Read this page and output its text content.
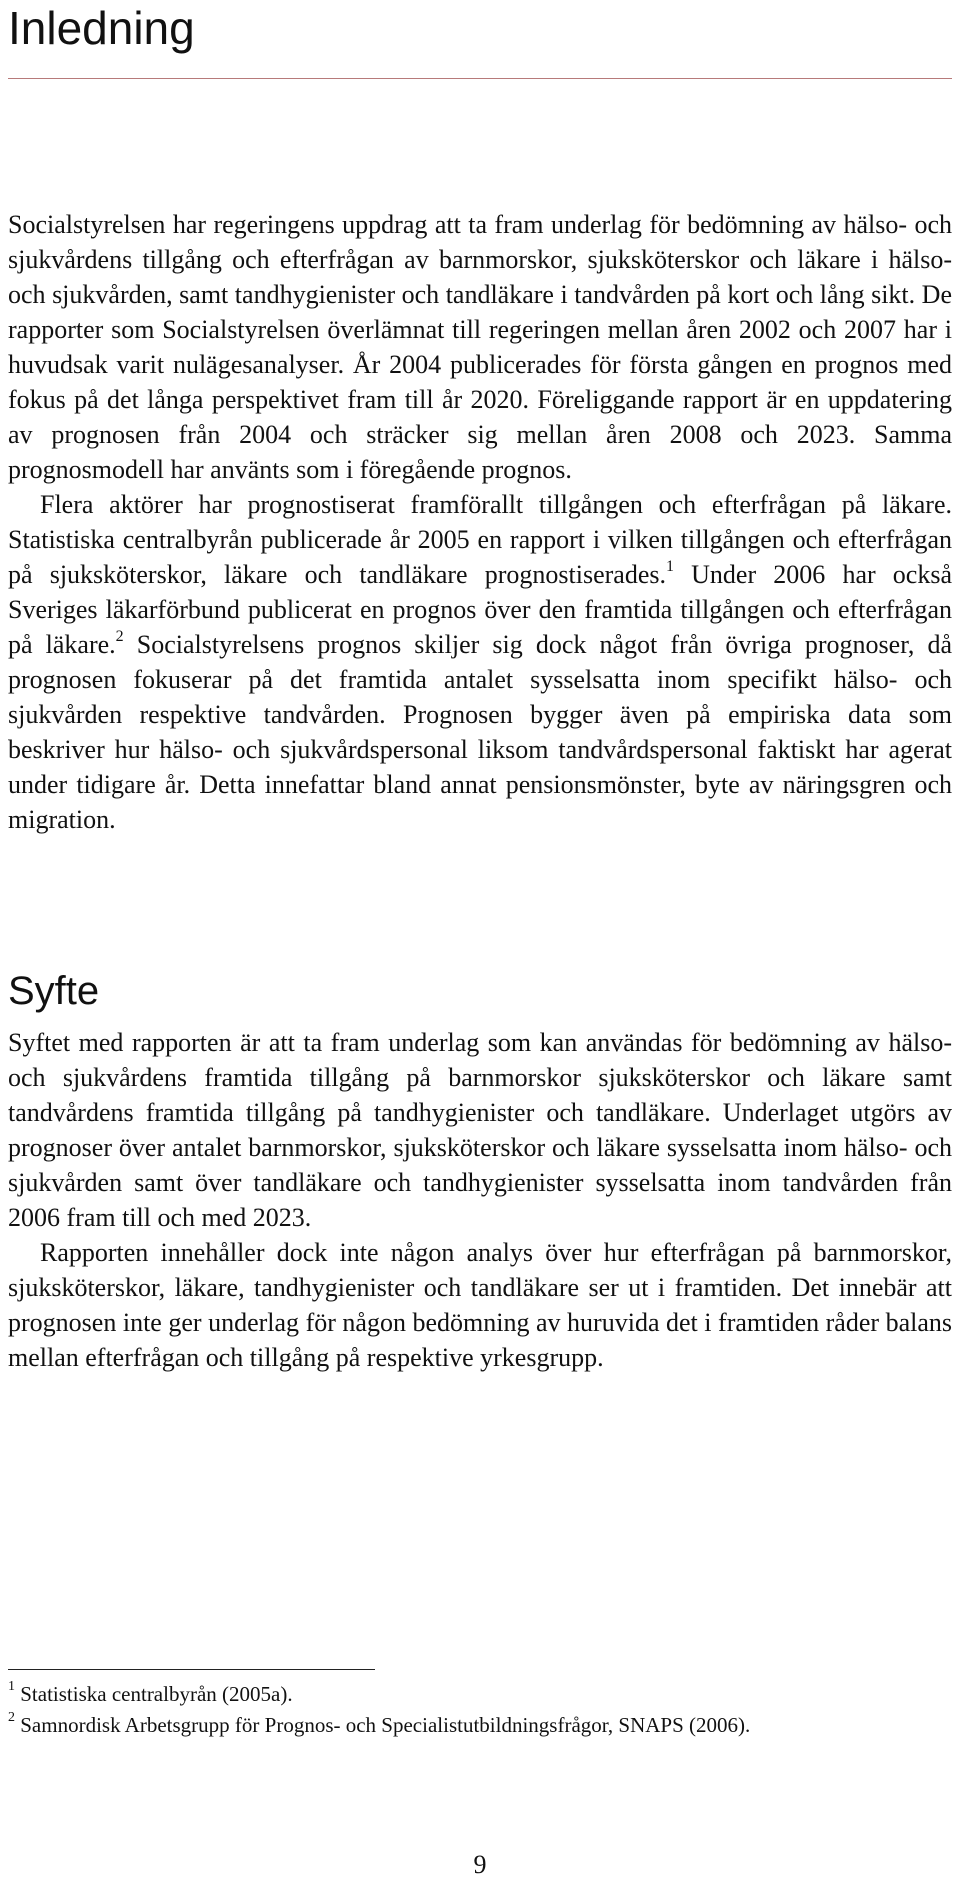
Inledning

Socialstyrelsen har regeringens uppdrag att ta fram underlag för bedömning av hälso- och sjukvårdens tillgång och efterfrågan av barnmorskor, sjuksköterskor och läkare i hälso- och sjukvården, samt tandhygienister och tandläkare i tandvården på kort och lång sikt. De rapporter som Socialstyrelsen överlämnat till regeringen mellan åren 2002 och 2007 har i huvudsak varit nulägesanalyser. År 2004 publicerades för första gången en prognos med fokus på det långa perspektivet fram till år 2020. Föreliggande rapport är en uppdatering av prognosen från 2004 och sträcker sig mellan åren 2008 och 2023. Samma prognosmodell har använts som i föregående prognos.

Flera aktörer har prognostiserat framförallt tillgången och efterfrågan på läkare. Statistiska centralbyrån publicerade år 2005 en rapport i vilken tillgången och efterfrågan på sjuksköterskor, läkare och tandläkare prognostiserades.$^1$ Under 2006 har också Sveriges läkarförbund publicerat en prognos över den framtida tillgången och efterfrågan på läkare.$^2$ Socialstyrelsens prognos skiljer sig dock något från övriga prognoser, då prognosen fokuserar på det framtida antalet sysselsatta inom specifikt hälso- och sjukvården respektive tandvården. Prognosen bygger även på empiriska data som beskriver hur hälso- och sjukvårdspersonal liksom tandvårdspersonal faktiskt har agerat under tidigare år. Detta innefattar bland annat pensionsmönster, byte av näringsgren och migration.

Syfte

Syftet med rapporten är att ta fram underlag som kan användas för bedömning av hälso- och sjukvårdens framtida tillgång på barnmorskor sjuksköterskor och läkare samt tandvårdens framtida tillgång på tandhygienister och tandläkare. Underlaget utgörs av prognoser över antalet barnmorskor, sjuksköterskor och läkare sysselsatta inom hälso- och sjukvården samt över tandläkare och tandhygienister sysselsatta inom tandvården från 2006 fram till och med 2023.

Rapporten innehåller dock inte någon analys över hur efterfrågan på barnmorskor, sjuksköterskor, läkare, tandhygienister och tandläkare ser ut i framtiden. Det innebär att prognosen inte ger underlag för någon bedömning av huruvida det i framtiden råder balans mellan efterfrågan och tillgång på respektive yrkesgrupp.

$^1$ Statistiska centralbyrån (2005a).

$^2$ Samnordisk Arbetsgrupp för Prognos- och Specialistutbildningsfrågor, SNAPS (2006).

9
